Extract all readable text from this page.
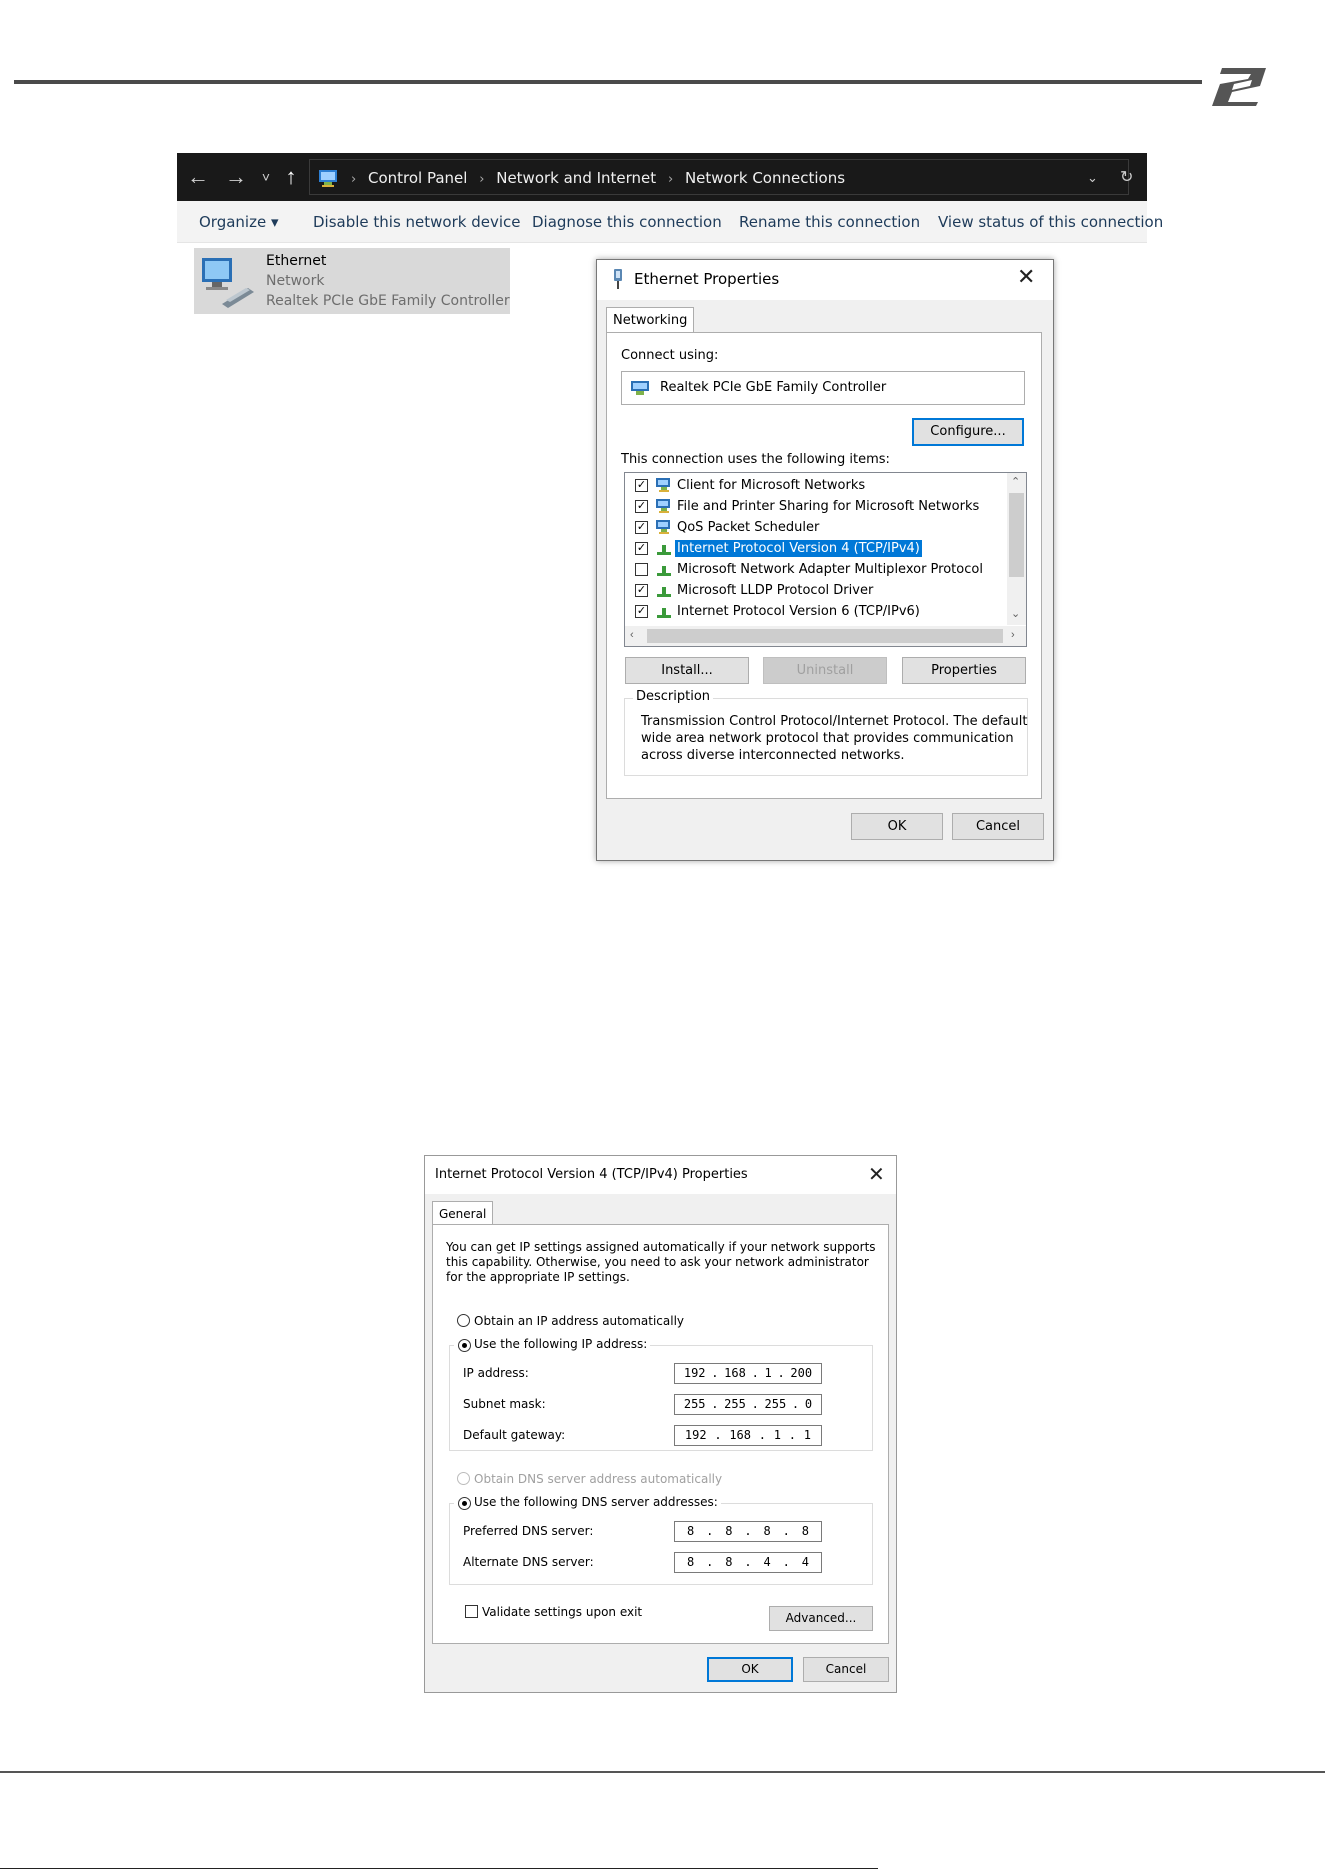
← →	˅ ↑	› Control Panel › Network and Internet › Network Connections	⌄ ↻
Organize ▾ Disable this network device Diagnose this connection Rename this connection View status of this connection
Ethernet
Network
Realtek PCIe GbE Family Controller
Ethernet Properties	✕
Networking
Connect using:
Realtek PCIe GbE Family Controller
Configure...
This connection uses the following items:
✓ Client for Microsoft Networks
✓ File and Printer Sharing for Microsoft Networks
✓ QoS Packet Scheduler
✓ Internet Protocol Version 4 (TCP/IPv4)
Microsoft Network Adapter Multiplexor Protocol
✓ Microsoft LLDP Protocol Driver
✓ Internet Protocol Version 6 (TCP/IPv6)
⌃
⌄
‹	›
Install...	Uninstall	Properties
Description
Transmission Control Protocol/Internet Protocol. The default
wide area network protocol that provides communication
across diverse interconnected networks.
OK	Cancel
Internet Protocol Version 4 (TCP/IPv4) Properties	✕
General
You can get IP settings assigned automatically if your network supports
this capability. Otherwise, you need to ask your network administrator
for the appropriate IP settings.
Obtain an IP address automatically
Use the following IP address:
IP address:	192 . 168 . 1 . 200
Subnet mask:	255 . 255 . 255 . 0
Default gateway:	192 . 168 . 1 . 1
Obtain DNS server address automatically
Use the following DNS server addresses:
Preferred DNS server:	8 . 8 . 8 . 8
Alternate DNS server:	8 . 8 . 4 . 4
Validate settings upon exit	Advanced...
OK	Cancel
